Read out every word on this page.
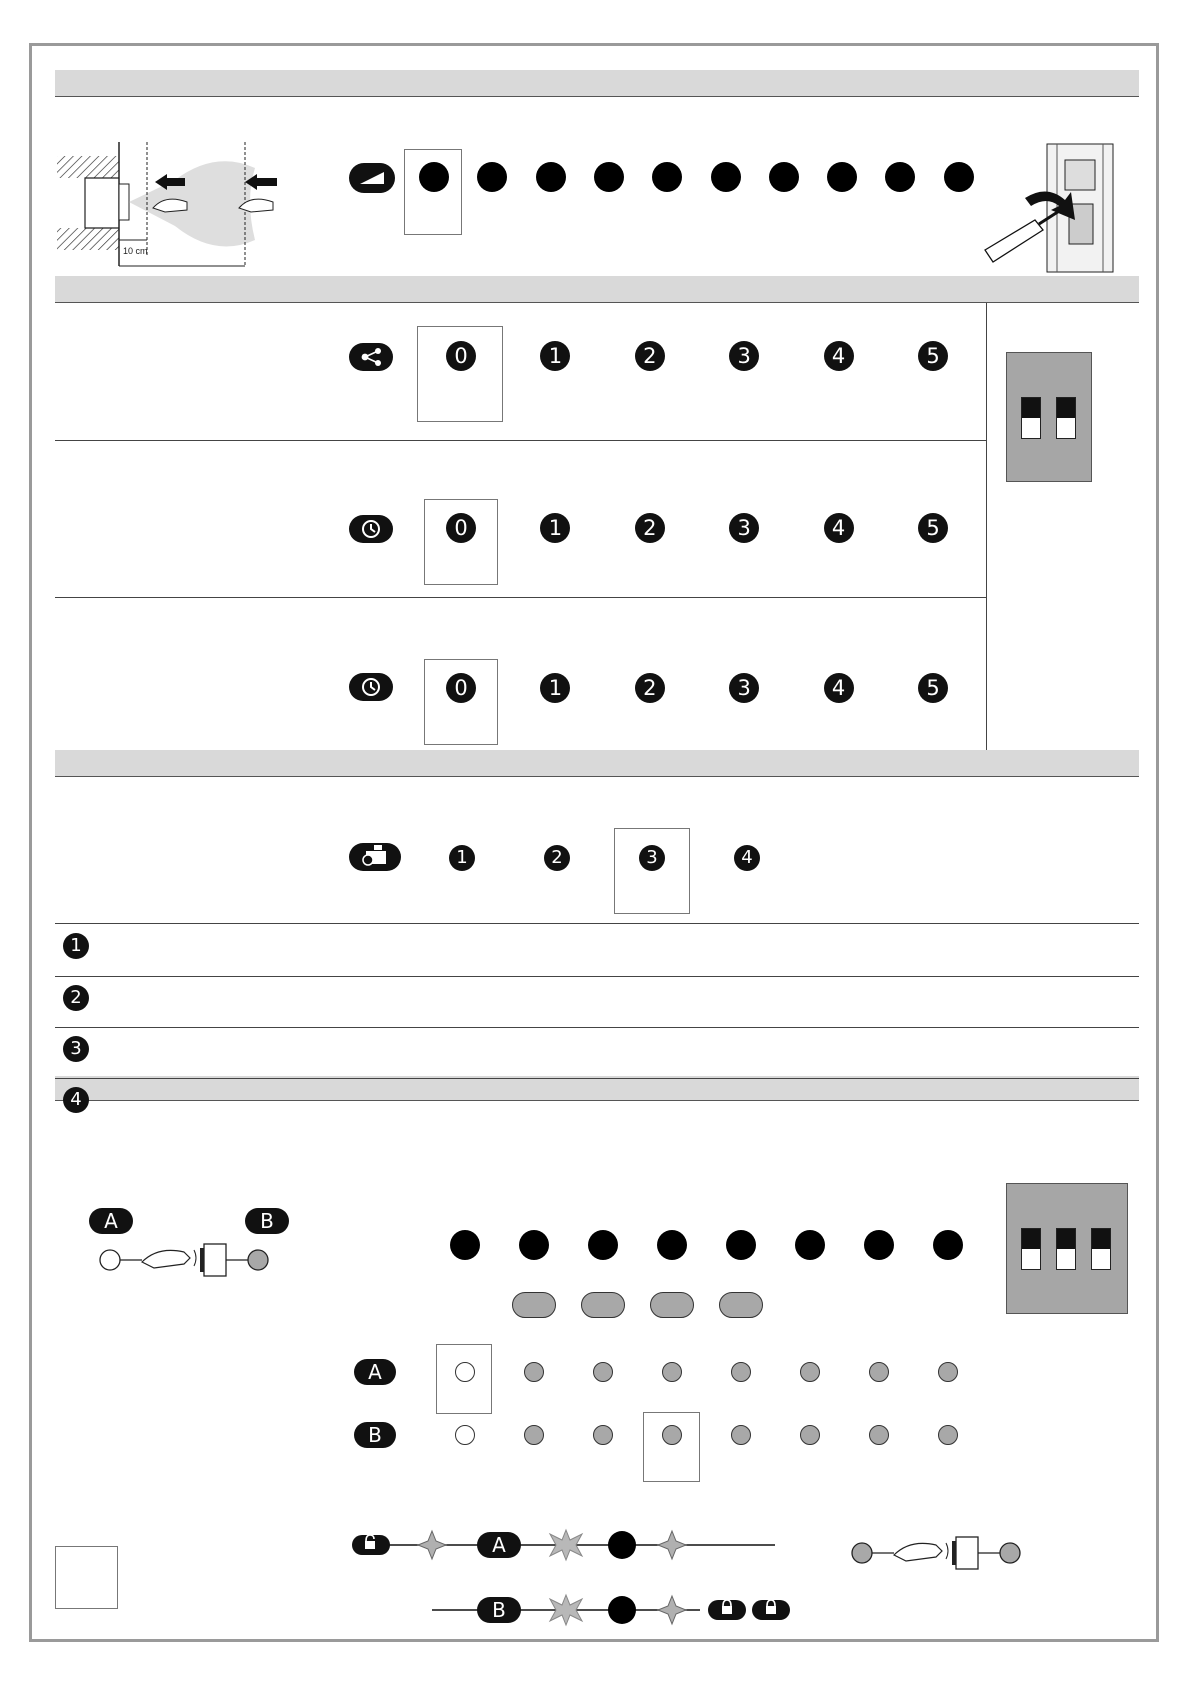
10 cm
0	1	2	3	4	5
0	1	2	3	4	5
0	1	2	3	4	5
1	2	3	4
1
2
3
4
A	B
A
B
A
B
